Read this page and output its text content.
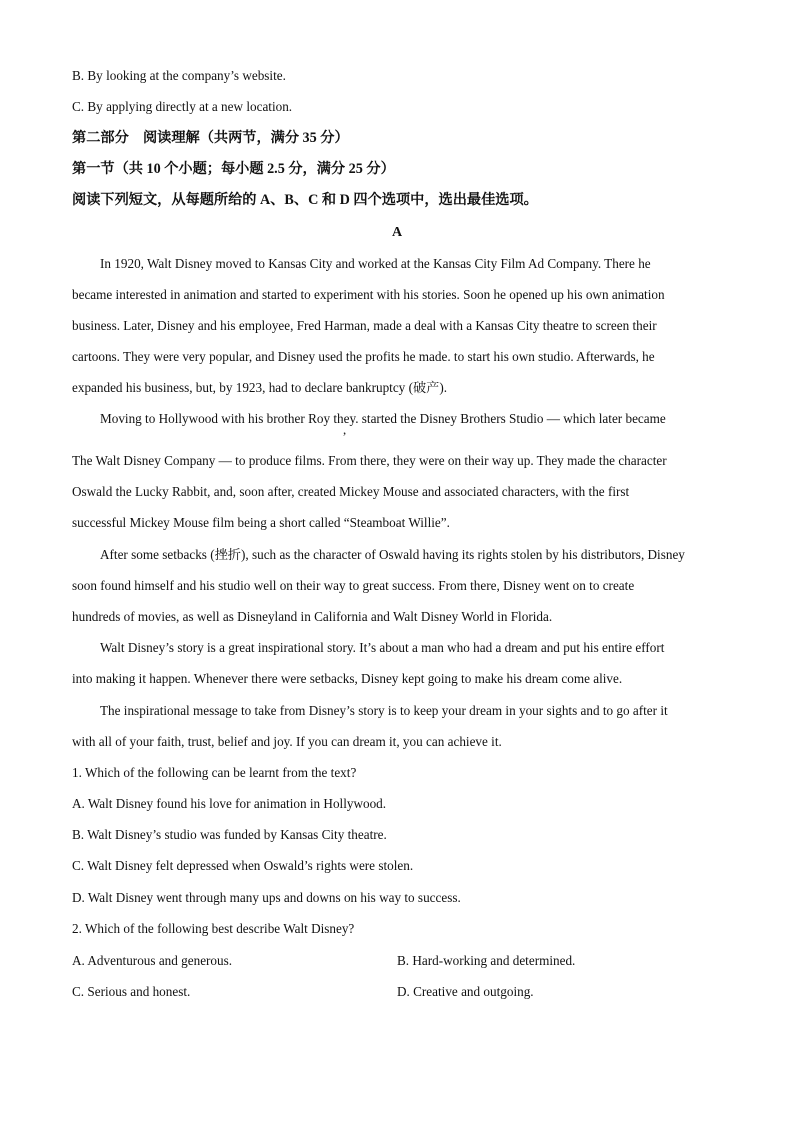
B. By looking at the company’s website.
C. By applying directly at a new location.
第二部分　阅读理解（共两节，满分 35 分）
第一节（共 10 个小题；每小题 2.5 分，满分 25 分）
阅读下列短文，从每题所给的 A、B、C 和 D 四个选项中，选出最佳选项。
A
In 1920, Walt Disney moved to Kansas City and worked at the Kansas City Film Ad Company. There he
became interested in animation and started to experiment with his stories. Soon he opened up his own animation
business. Later, Disney and his employee, Fred Harman, made a deal with a Kansas City theatre to screen their
cartoons. They were very popular, and Disney used the profits he made. to start his own studio. Afterwards, he
expanded his business, but, by 1923, had to declare bankruptcy (破产).
Moving to Hollywood with his brother Roy they. started the Disney Brothers Studio — which later became
,
The Walt Disney Company — to produce films. From there, they were on their way up. They made the character
Oswald the Lucky Rabbit, and, soon after, created Mickey Mouse and associated characters, with the first
successful Mickey Mouse film being a short called “Steamboat Willie”.
After some setbacks (挫折), such as the character of Oswald having its rights stolen by his distributors, Disney
soon found himself and his studio well on their way to great success. From there, Disney went on to create
hundreds of movies, as well as Disneyland in California and Walt Disney World in Florida.
Walt Disney’s story is a great inspirational story. It’s about a man who had a dream and put his entire effort
into making it happen. Whenever there were setbacks, Disney kept going to make his dream come alive.
The inspirational message to take from Disney’s story is to keep your dream in your sights and to go after it
with all of your faith, trust, belief and joy. If you can dream it, you can achieve it.
1. Which of the following can be learnt from the text?
A. Walt Disney found his love for animation in Hollywood.
B. Walt Disney’s studio was funded by Kansas City theatre.
C. Walt Disney felt depressed when Oswald’s rights were stolen.
D. Walt Disney went through many ups and downs on his way to success.
2. Which of the following best describe Walt Disney?
A. Adventurous and generous.	B. Hard-working and determined.
C. Serious and honest.	D. Creative and outgoing.
